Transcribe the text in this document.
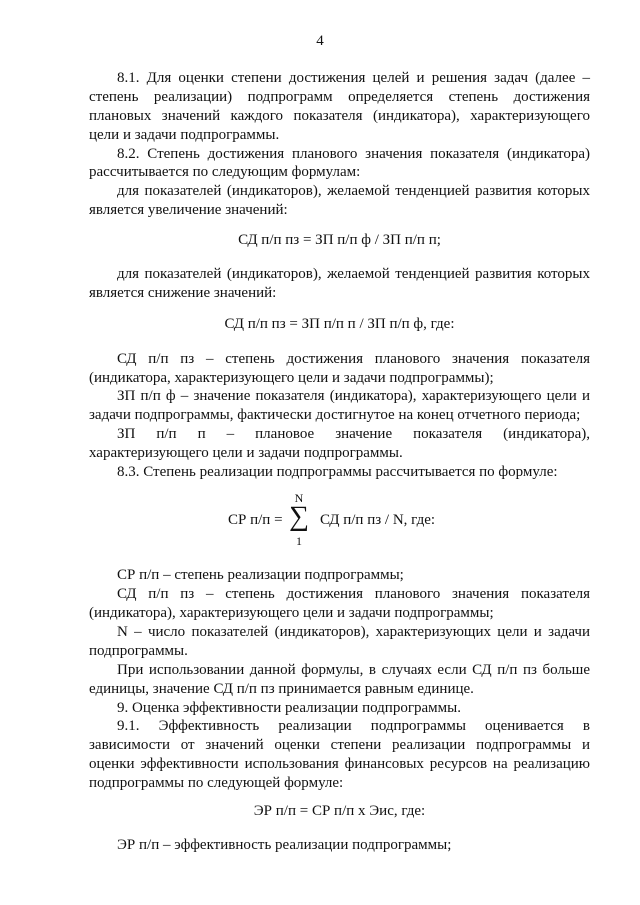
4

8.1. Для оценки степени достижения целей и решения задач (далее –

степень реализации) подпрограмм определяется степень достижения

плановых значений каждого показателя (индикатора), характеризующего

цели и задачи подпрограммы.

8.2. Степень достижения планового значения показателя (индикатора)

рассчитывается по следующим формулам:

для показателей (индикаторов), желаемой тенденцией развития которых

является увеличение значений:

СД п/п пз = ЗП п/п ф / ЗП п/п п;

для показателей (индикаторов), желаемой тенденцией развития которых

является снижение значений:

СД п/п пз = ЗП п/п п / ЗП п/п ф, где:

СД п/п пз – степень достижения планового значения показателя

(индикатора, характеризующего цели и задачи подпрограммы);

ЗП п/п ф – значение показателя (индикатора), характеризующего цели и

задачи подпрограммы, фактически достигнутое на конец отчетного периода;

ЗП п/п п – плановое значение показателя (индикатора),

характеризующего цели и задачи подпрограммы.

8.3. Степень реализации подпрограммы рассчитывается по формуле:

СР п/п =
N
∑
1
СД п/п пз / N, где:

СР п/п – степень реализации подпрограммы;

СД п/п пз – степень достижения планового значения показателя

(индикатора), характеризующего цели и задачи подпрограммы;

N – число показателей (индикаторов), характеризующих цели и задачи

подпрограммы.

При использовании данной формулы, в случаях если СД п/п пз больше

единицы, значение СД п/п пз принимается равным единице.

9. Оценка эффективности реализации подпрограммы.

9.1. Эффективность реализации подпрограммы оценивается в

зависимости от значений оценки степени реализации подпрограммы и

оценки эффективности использования финансовых ресурсов на реализацию

подпрограммы по следующей формуле:

ЭР п/п = СР п/п х Эис, где:

ЭР п/п – эффективность реализации подпрограммы;
